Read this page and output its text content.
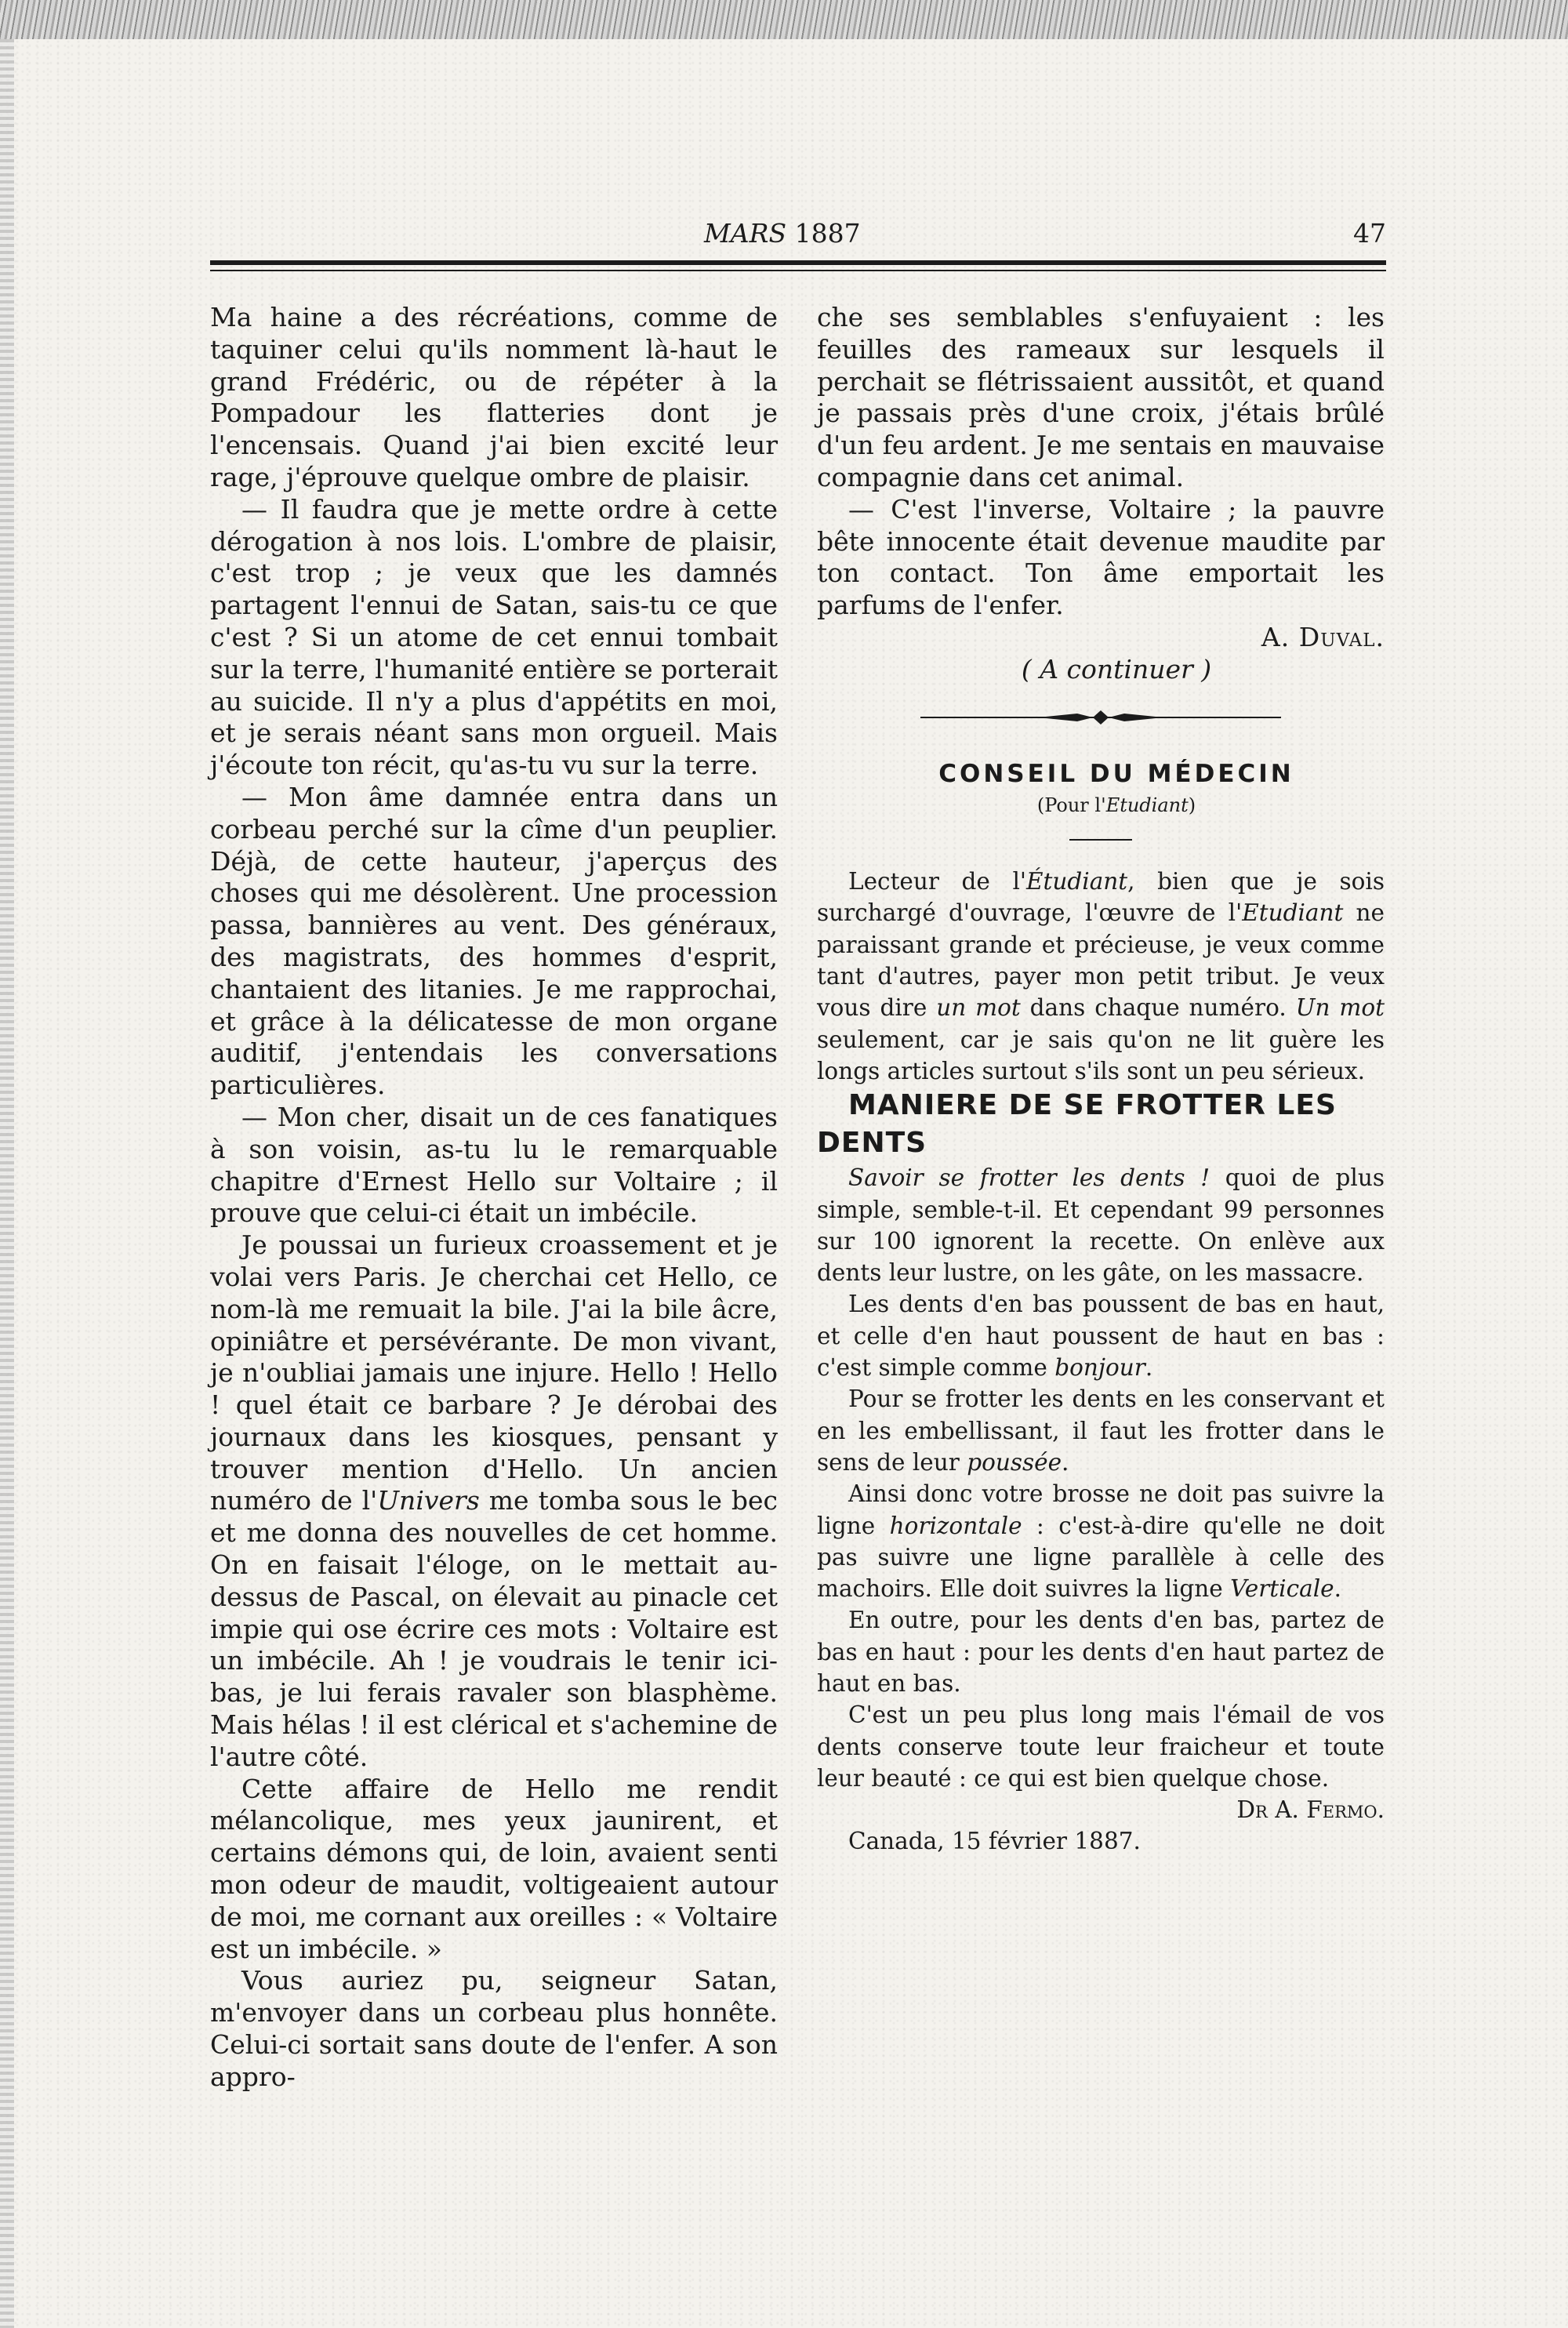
MARS 1887	47

Ma haine a des récréations, comme de taquiner celui qu'ils nomment là-haut le grand Frédéric, ou de répéter à la Pompadour les flatteries dont je l'encensais. Quand j'ai bien excité leur rage, j'éprouve quelque ombre de plaisir.

— Il faudra que je mette ordre à cette dérogation à nos lois. L'ombre de plaisir, c'est trop ; je veux que les damnés partagent l'ennui de Satan, sais-tu ce que c'est ? Si un atome de cet ennui tombait sur la terre, l'humanité entière se porterait au suicide. Il n'y a plus d'appétits en moi, et je serais néant sans mon orgueil. Mais j'écoute ton récit, qu'as-tu vu sur la terre.

— Mon âme damnée entra dans un corbeau perché sur la cîme d'un peuplier. Déjà, de cette hauteur, j'aperçus des choses qui me désolèrent. Une procession passa, bannières au vent. Des généraux, des magistrats, des hommes d'esprit, chantaient des litanies. Je me rapprochai, et grâce à la délicatesse de mon organe auditif, j'entendais les conversations particulières.

— Mon cher, disait un de ces fanatiques à son voisin, as-tu lu le remarquable chapitre d'Ernest Hello sur Voltaire ; il prouve que celui-ci était un imbécile.

Je poussai un furieux croassement et je volai vers Paris. Je cherchai cet Hello, ce nom-là me remuait la bile. J'ai la bile âcre, opiniâtre et persévérante. De mon vivant, je n'oubliai jamais une injure. Hello ! Hello ! quel était ce barbare ? Je dérobai des journaux dans les kiosques, pensant y trouver mention d'Hello. Un ancien numéro de l'Univers me tomba sous le bec et me donna des nouvelles de cet homme. On en faisait l'éloge, on le mettait au-dessus de Pascal, on élevait au pinacle cet impie qui ose écrire ces mots : Voltaire est un imbécile. Ah ! je voudrais le tenir ici-bas, je lui ferais ravaler son blasphème. Mais hélas ! il est clérical et s'achemine de l'autre côté.

Cette affaire de Hello me rendit mélancolique, mes yeux jaunirent, et certains démons qui, de loin, avaient senti mon odeur de maudit, voltigeaient autour de moi, me cornant aux oreilles : « Voltaire est un imbécile. »

Vous auriez pu, seigneur Satan, m'envoyer dans un corbeau plus honnête. Celui-ci sortait sans doute de l'enfer. A son appro-

che ses semblables s'enfuyaient : les feuilles des rameaux sur lesquels il perchait se flétrissaient aussitôt, et quand je passais près d'une croix, j'étais brûlé d'un feu ardent. Je me sentais en mauvaise compagnie dans cet animal.

— C'est l'inverse, Voltaire ; la pauvre bête innocente était devenue maudite par ton contact. Ton âme emportait les parfums de l'enfer.

A. Duval.

( A continuer )

CONSEIL DU MÉDECIN

(Pour l'Etudiant)

Lecteur de l'Étudiant, bien que je sois surchargé d'ouvrage, l'œuvre de l'Etudiant ne paraissant grande et précieuse, je veux comme tant d'autres, payer mon petit tribut. Je veux vous dire un mot dans chaque numéro. Un mot seulement, car je sais qu'on ne lit guère les longs articles surtout s'ils sont un peu sérieux.

MANIERE DE SE FROTTER LES DENTS

Savoir se frotter les dents ! quoi de plus simple, semble-t-il. Et cependant 99 personnes sur 100 ignorent la recette. On enlève aux dents leur lustre, on les gâte, on les massacre.

Les dents d'en bas poussent de bas en haut, et celle d'en haut poussent de haut en bas : c'est simple comme bonjour.

Pour se frotter les dents en les conservant et en les embellissant, il faut les frotter dans le sens de leur poussée.

Ainsi donc votre brosse ne doit pas suivre la ligne horizontale : c'est-à-dire qu'elle ne doit pas suivre une ligne parallèle à celle des machoirs. Elle doit suivres la ligne Verticale.

En outre, pour les dents d'en bas, partez de bas en haut : pour les dents d'en haut partez de haut en bas.

C'est un peu plus long mais l'émail de vos dents conserve toute leur fraicheur et toute leur beauté : ce qui est bien quelque chose.

Dr A. Fermo.

Canada, 15 février 1887.
